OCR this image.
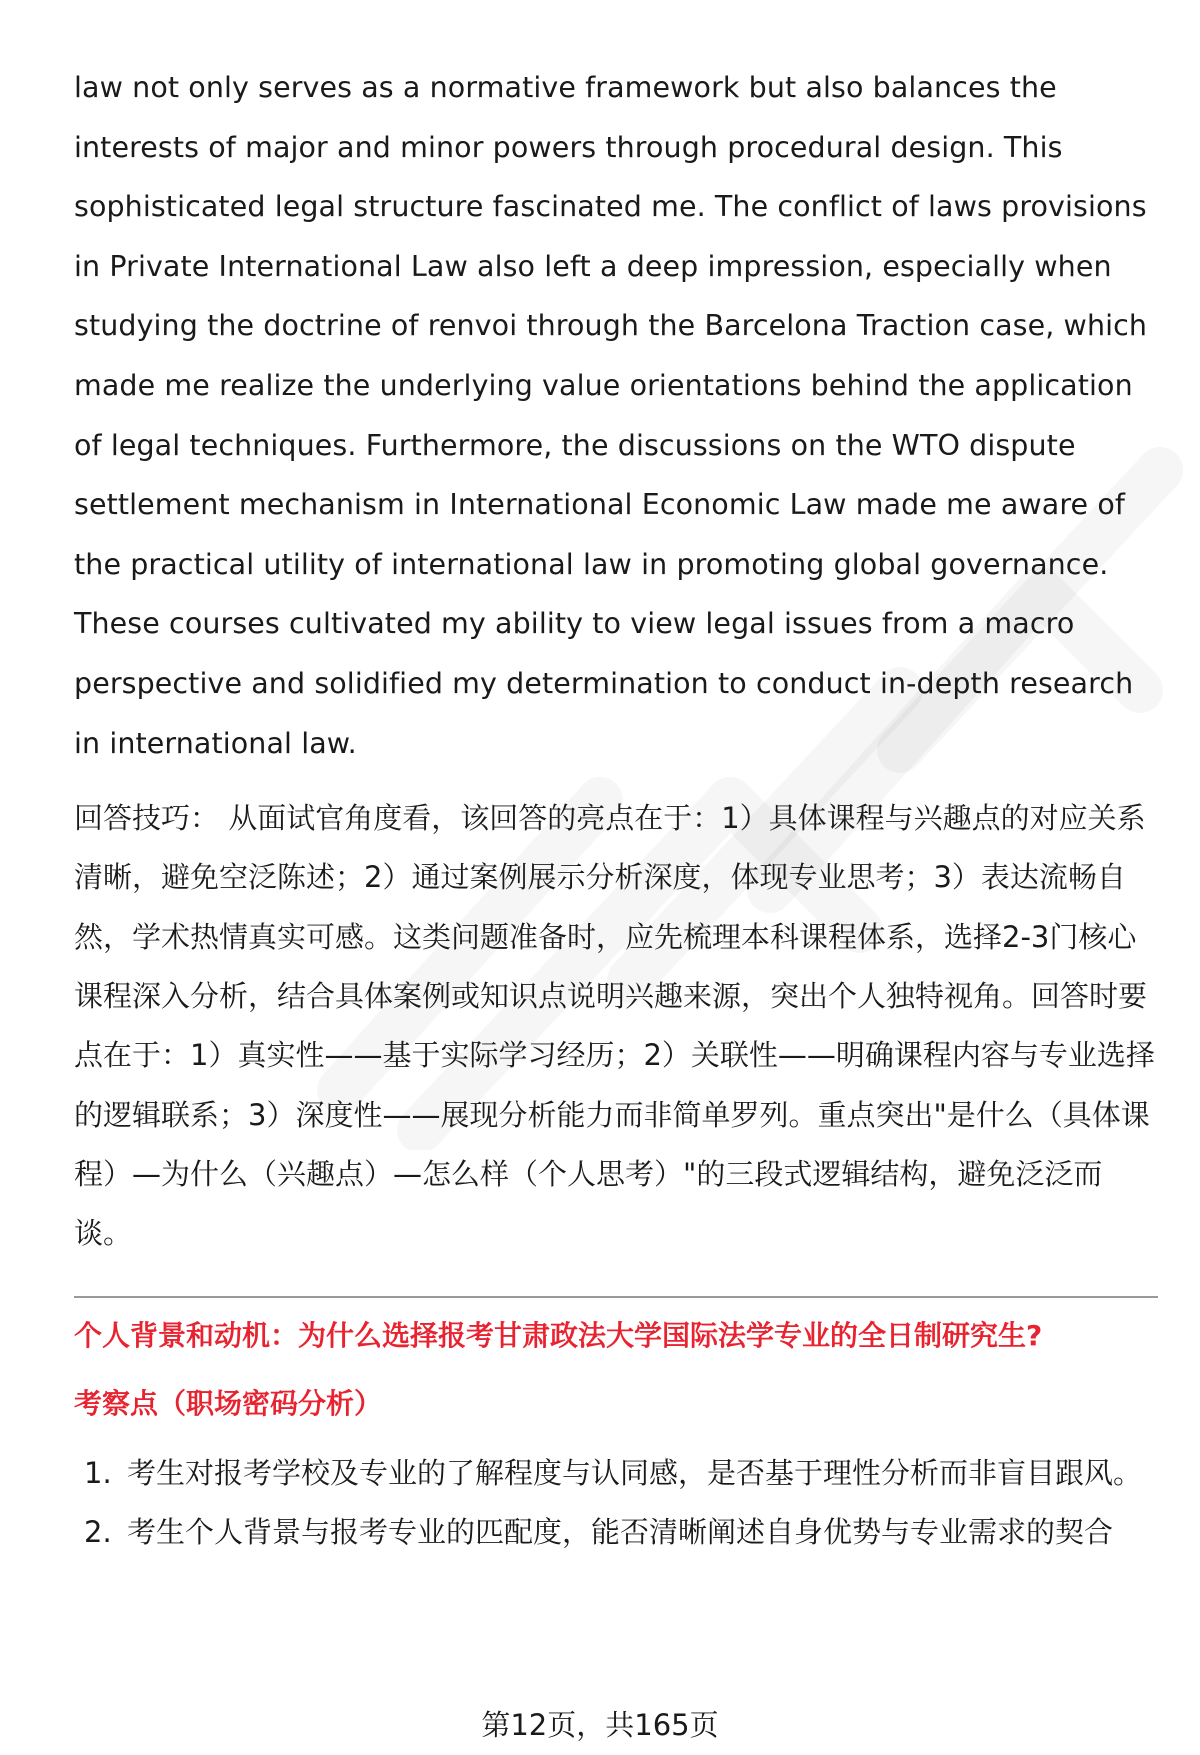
law not only serves as a normative framework but also balances the interests of major and minor powers through procedural design. This sophisticated legal structure fascinated me. The conflict of laws provisions in Private International Law also left a deep impression, especially when studying the doctrine of renvoi through the Barcelona Traction case, which made me realize the underlying value orientations behind the application of legal techniques. Furthermore, the discussions on the WTO dispute settlement mechanism in International Economic Law made me aware of the practical utility of international law in promoting global governance. These courses cultivated my ability to view legal issues from a macro perspective and solidified my determination to conduct in-depth research in international law.

回答技巧： 从面试官角度看，该回答的亮点在于：1）具体课程与兴趣点的对应关系清晰，避免空泛陈述；2）通过案例展示分析深度，体现专业思考；3）表达流畅自然，学术热情真实可感。这类问题准备时，应先梳理本科课程体系，选择2-3门核心课程深入分析，结合具体案例或知识点说明兴趣来源，突出个人独特视角。回答时要点在于：1）真实性——基于实际学习经历；2）关联性——明确课程内容与专业选择的逻辑联系；3）深度性——展现分析能力而非简单罗列。重点突出"是什么（具体课程）—为什么（兴趣点）—怎么样（个人思考）"的三段式逻辑结构，避免泛泛而谈。

个人背景和动机：为什么选择报考甘肃政法大学国际法学专业的全日制研究生?
考察点（职场密码分析）
1. 考生对报考学校及专业的了解程度与认同感，是否基于理性分析而非盲目跟风。
2. 考生个人背景与报考专业的匹配度，能否清晰阐述自身优势与专业需求的契合
第12页，共165页
